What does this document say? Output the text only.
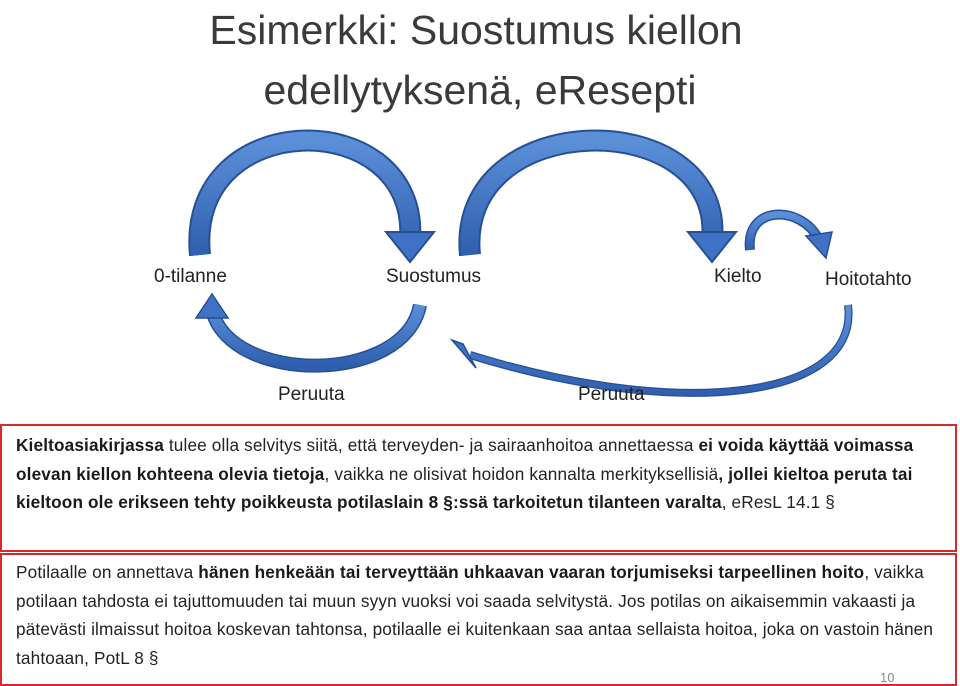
Esimerkki: Suostumus kiellon
edellytyksenä, eResepti
0-tilanne	Suostumus	Kielto	Hoitotahto
Peruuta	Peruuta
Kieltoasiakirjassa tulee olla selvitys siitä, että terveyden- ja sairaanhoitoa annettaessa ei voida käyttää voimassa olevan kiellon kohteena olevia tietoja, vaikka ne olisivat hoidon kannalta merkityksellisiä, jollei kieltoa peruta tai kieltoon ole erikseen tehty poikkeusta potilaslain 8 §:ssä tarkoitetun tilanteen varalta, eResL 14.1 §
Potilaalle on annettava hänen henkeään tai terveyttään uhkaavan vaaran torjumiseksi tarpeellinen hoito, vaikka potilaan tahdosta ei tajuttomuuden tai muun syyn vuoksi voi saada selvitystä. Jos potilas on aikaisemmin vakaasti ja pätevästi ilmaissut hoitoa koskevan tahtonsa, potilaalle ei kuitenkaan saa antaa sellaista hoitoa, joka on vastoin hänen tahtoaan, PotL 8 §
10
